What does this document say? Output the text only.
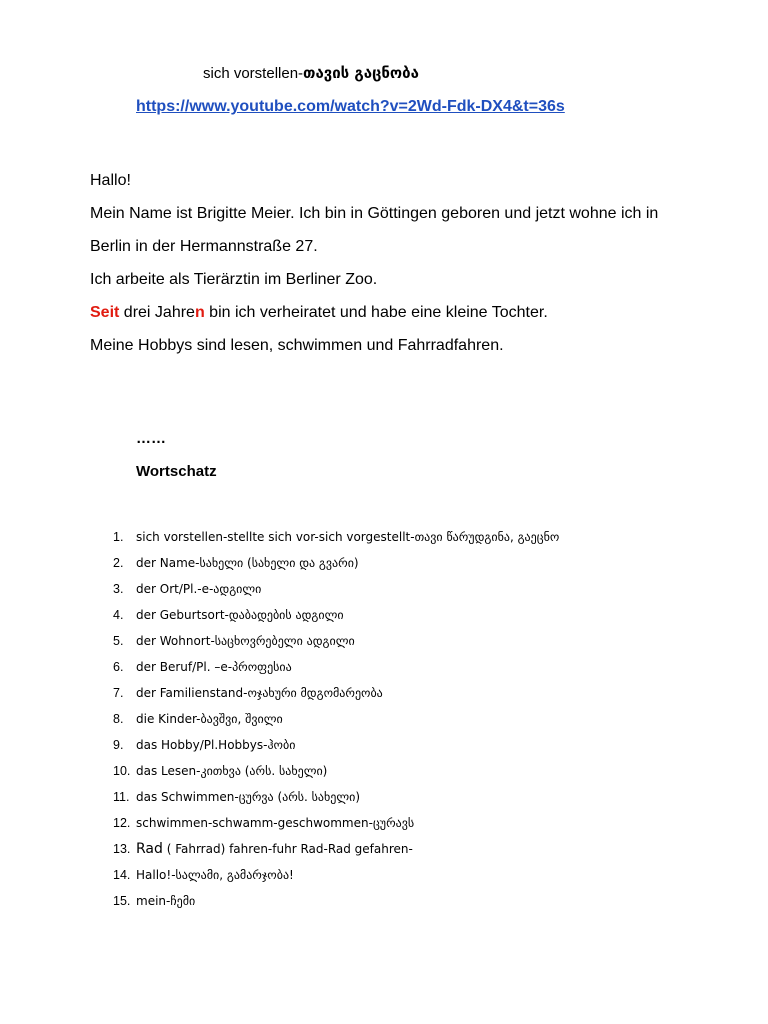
sich vorstellen-თავის გაცნობა
https://www.youtube.com/watch?v=2Wd-Fdk-DX4&t=36s
Hallo!
Mein Name ist Brigitte Meier. Ich bin in Göttingen geboren und jetzt wohne ich in
Berlin in der Hermannstraße 27.
Ich arbeite als Tierärztin im Berliner Zoo.
Seit drei Jahren bin ich verheiratet und habe eine kleine Tochter.
Meine Hobbys sind lesen, schwimmen und Fahrradfahren.
……
Wortschatz
1.	sich vorstellen-stellte sich vor-sich vorgestellt-თავი წარუდგინა, გაეცნო
2.	der Name-სახელი (სახელი და გვარი)
3.	der Ort/Pl.-e-ადგილი
4.	der Geburtsort-დაბადების ადგილი
5.	der Wohnort-საცხოვრებელი ადგილი
6.	der Beruf/Pl. –e-პროფესია
7.	der Familienstand-ოჯახური მდგომარეობა
8.	die Kinder-ბავშვი, შვილი
9.	das Hobby/Pl.Hobbys-ჰობი
10. das Lesen-კითხვა (არს. სახელი)
11. das Schwimmen-ცურვა (არს. სახელი)
12. schwimmen-schwamm-geschwommen-ცურავს
13. Rad ( Fahrrad) fahren-fuhr Rad-Rad gefahren-
14. Hallo!-სალამი, გამარჯობა!
15. mein-ჩემი
